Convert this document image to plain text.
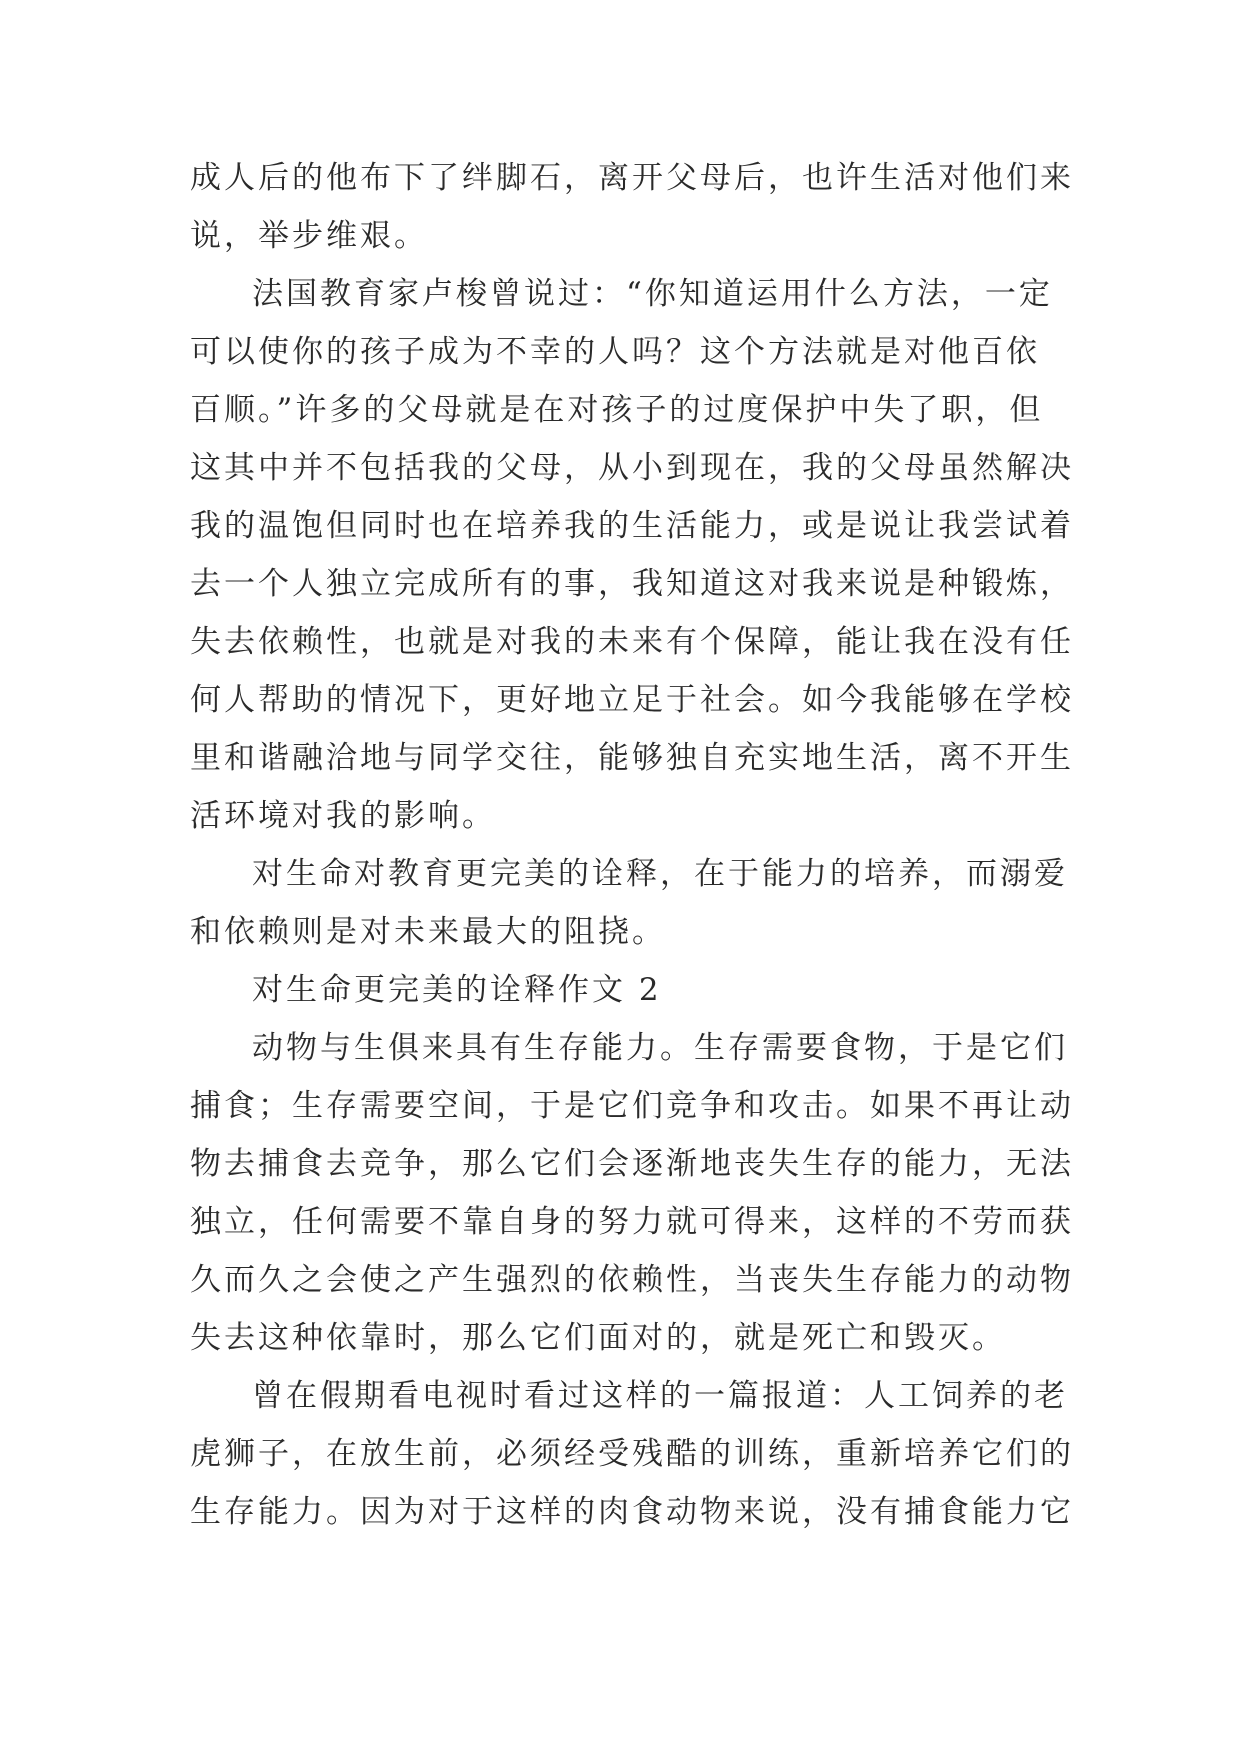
成人后的他布下了绊脚石，离开父母后，也许生活对他们来
说，举步维艰。
法国教育家卢梭曾说过：“你知道运用什么方法，一定
可以使你的孩子成为不幸的人吗？这个方法就是对他百依
百顺。”许多的父母就是在对孩子的过度保护中失了职，但
这其中并不包括我的父母，从小到现在，我的父母虽然解决
我的温饱但同时也在培养我的生活能力，或是说让我尝试着
去一个人独立完成所有的事，我知道这对我来说是种锻炼，
失去依赖性，也就是对我的未来有个保障，能让我在没有任
何人帮助的情况下，更好地立足于社会。如今我能够在学校
里和谐融洽地与同学交往，能够独自充实地生活，离不开生
活环境对我的影响。
对生命对教育更完美的诠释，在于能力的培养，而溺爱
和依赖则是对未来最大的阻挠。
对生命更完美的诠释作文 2
动物与生俱来具有生存能力。生存需要食物，于是它们
捕食；生存需要空间，于是它们竞争和攻击。如果不再让动
物去捕食去竞争，那么它们会逐渐地丧失生存的能力，无法
独立，任何需要不靠自身的努力就可得来，这样的不劳而获
久而久之会使之产生强烈的依赖性，当丧失生存能力的动物
失去这种依靠时，那么它们面对的，就是死亡和毁灭。
曾在假期看电视时看过这样的一篇报道：人工饲养的老
虎狮子，在放生前，必须经受残酷的训练，重新培养它们的
生存能力。因为对于这样的肉食动物来说，没有捕食能力它
